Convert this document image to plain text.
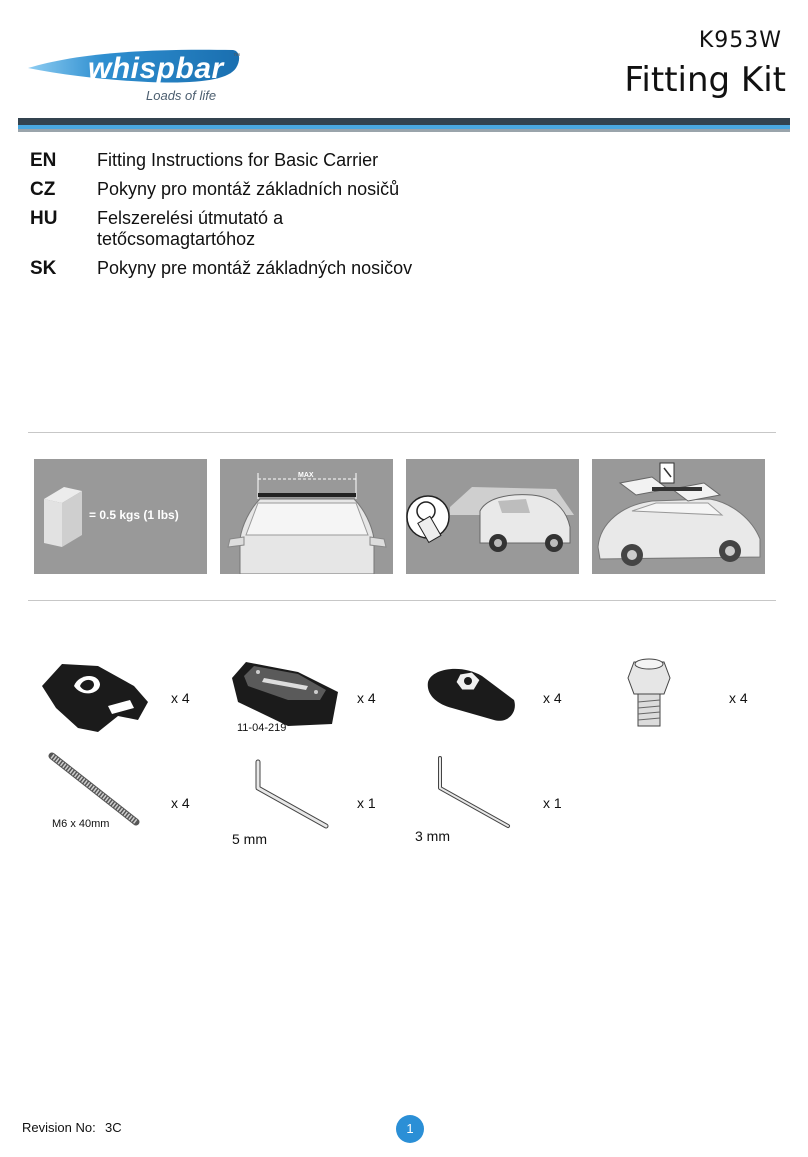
whispbar ™
Loads of life
K953W
Fitting Kit
EN	Fitting Instructions for Basic Carrier
CZ	Pokyny pro montáž základních nosičů
HU	Felszerelési útmutató a tetőcsomagtartóhoz
SK	Pokyny pre montáž základných nosičov
= 0.5 kgs (1 lbs)
MAX
x 4	x 4
11-04-219
x 4	x 4
x 4
M6 x 40mm
x 1
5 mm
x 1
3 mm
Revision No: 3C	1
